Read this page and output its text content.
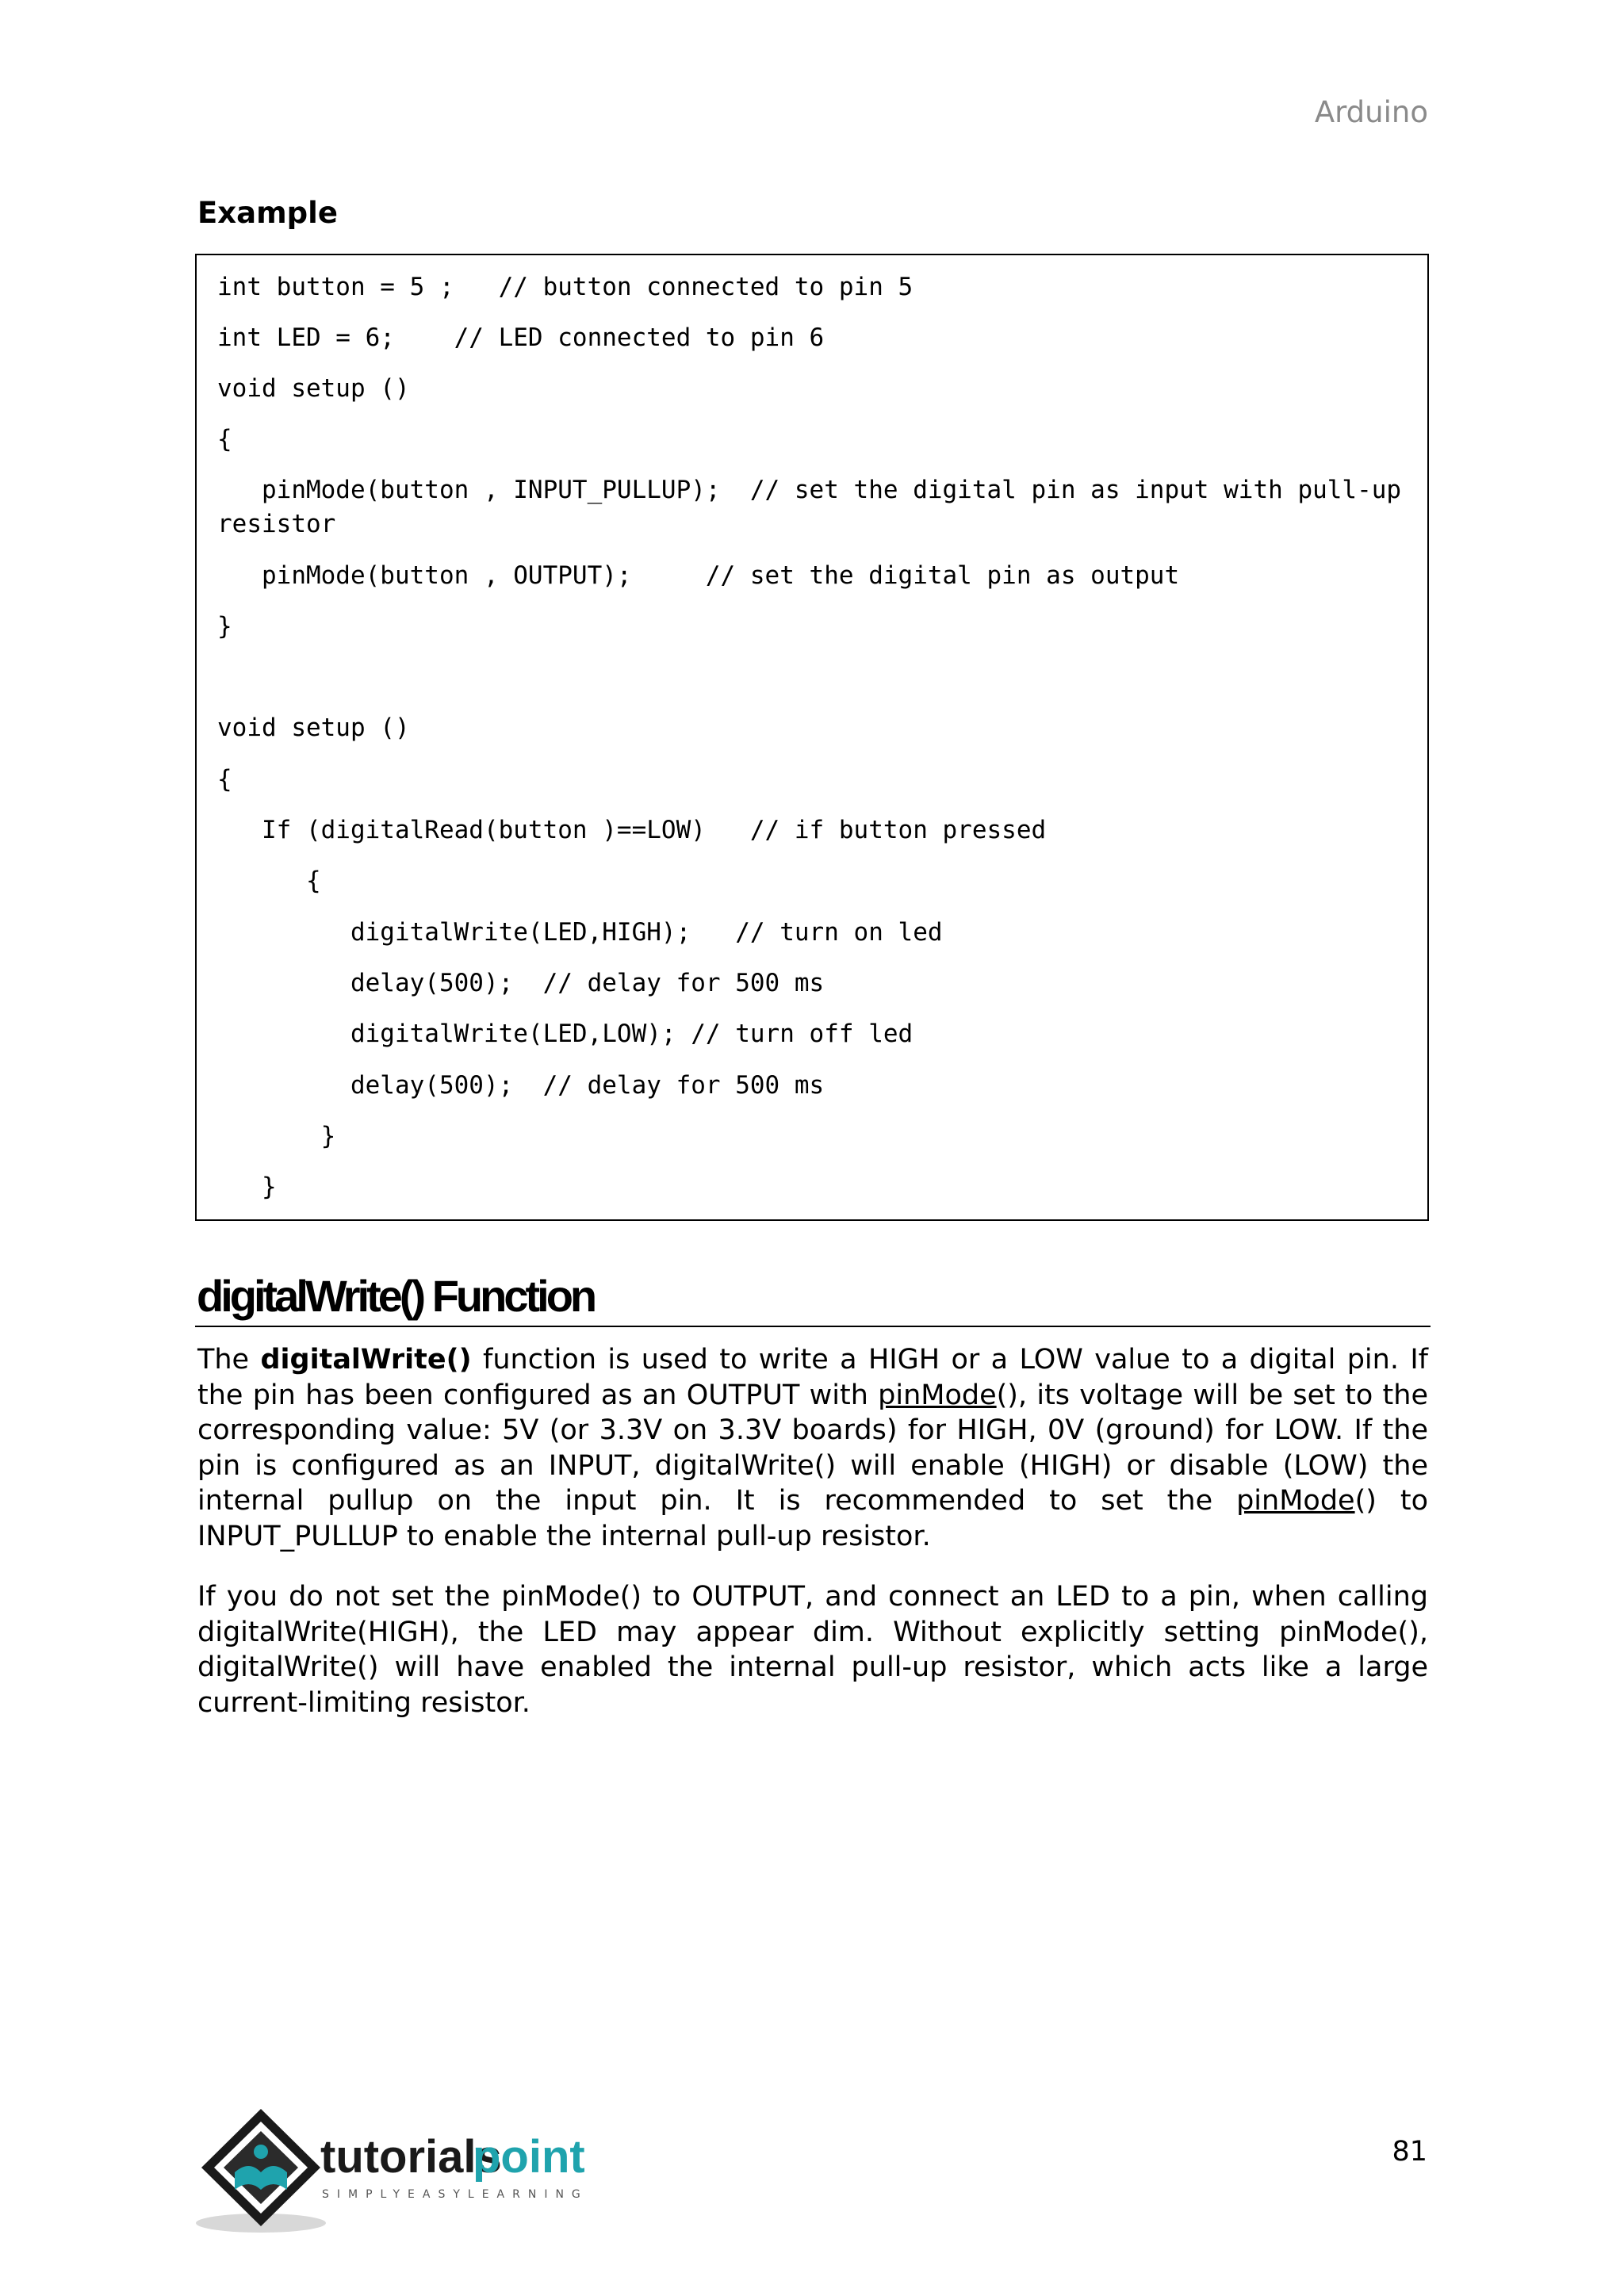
Arduino
Example
int button = 5 ;   // button connected to pin 5
int LED = 6;    // LED connected to pin 6
void setup ()
{
pinMode(button , INPUT_PULLUP);  // set the digital pin as input with pull-up
resistor
pinMode(button , OUTPUT);     // set the digital pin as output
}
void setup ()
{
If (digitalRead(button )==LOW)   // if button pressed
{
digitalWrite(LED,HIGH);   // turn on led
delay(500);  // delay for 500 ms
digitalWrite(LED,LOW); // turn off led
delay(500);  // delay for 500 ms
}
}
digitalWrite() Function
The digitalWrite() function is used to write a HIGH or a LOW value to a digital pin. If the pin has been configured as an OUTPUT with pinMode(), its voltage will be set to the corresponding value: 5V (or 3.3V on 3.3V boards) for HIGH, 0V (ground) for LOW. If the pin is configured as an INPUT, digitalWrite() will enable (HIGH) or disable (LOW) the internal pullup on the input pin. It is recommended to set the pinMode() to INPUT_PULLUP to enable the internal pull-up resistor.
If you do not set the pinMode() to OUTPUT, and connect an LED to a pin, when calling digitalWrite(HIGH), the LED may appear dim. Without explicitly setting pinMode(), digitalWrite() will have enabled the internal pull-up resistor, which acts like a large current-limiting resistor.
tutorials
point
SIMPLYEASYLEARNING
81
